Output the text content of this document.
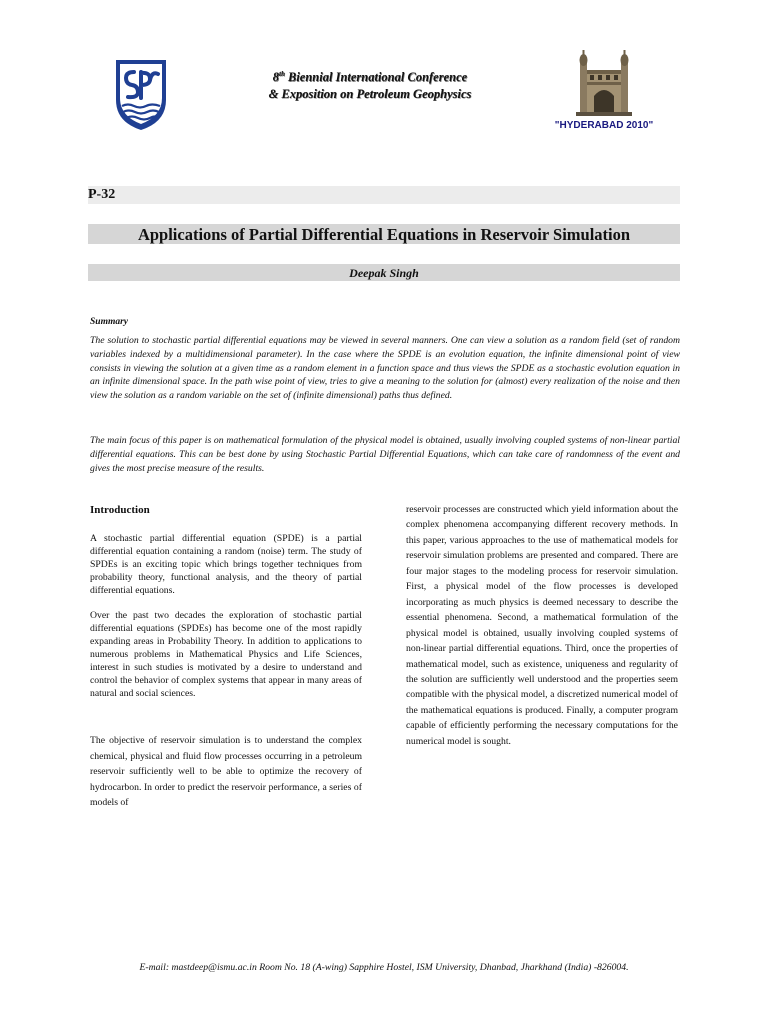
8th Biennial International Conference
& Exposition on Petroleum Geophysics
"HYDERABAD 2010"
P-32
Applications of Partial Differential Equations in Reservoir Simulation
Deepak Singh
Summary

The solution to stochastic partial differential equations may be viewed in several manners. One can view a solution as a random field (set of random variables indexed by a multidimensional parameter). In the case where the SPDE is an evolution equation, the infinite dimensional point of view consists in viewing the solution at a given time as a random element in a function space and thus views the SPDE as a stochastic evolution equation in an infinite dimensional space. In the path wise point of view, tries to give a meaning to the solution for (almost) every realization of the noise and then view the solution as a random variable on the set of (infinite dimensional) paths thus defined.

The main focus of this paper is on mathematical formulation of the physical model is obtained, usually involving coupled systems of non-linear partial differential equations. This can be best done by using Stochastic Partial Differential Equations, which can take care of randomness of the event and gives the most precise measure of the results.

Introduction

A stochastic partial differential equation (SPDE) is a partial differential equation containing a random (noise) term. The study of SPDEs is an exciting topic which brings together techniques from probability theory, functional analysis, and the theory of partial differential equations.

Over the past two decades the exploration of stochastic partial differential equations (SPDEs) has become one of the most rapidly expanding areas in Probability Theory. In addition to applications to numerous problems in Mathematical Physics and Life Sciences, interest in such studies is motivated by a desire to understand and control the behavior of complex systems that appear in many areas of natural and social sciences.

The objective of reservoir simulation is to understand the complex chemical, physical and fluid flow processes occurring in a petroleum reservoir sufficiently well to be able to optimize the recovery of hydrocarbon. In order to predict the reservoir performance, a series of models of

reservoir processes are constructed which yield information about the complex phenomena accompanying different recovery methods. In this paper, various approaches to the use of mathematical models for reservoir simulation problems are presented and compared. There are four major stages to the modeling process for reservoir simulation. First, a physical model of the flow processes is developed incorporating as much physics is deemed necessary to describe the essential phenomena. Second, a mathematical formulation of the physical model is obtained, usually involving coupled systems of non-linear partial differential equations. Third, once the properties of mathematical model, such as existence, uniqueness and regularity of the solution are sufficiently well understood and the properties seem compatible with the physical model, a discretized numerical model of the mathematical equations is produced. Finally, a computer program capable of efficiently performing the necessary computations for the numerical model is sought.

E-mail: mastdeep@ismu.ac.in Room No. 18 (A-wing) Sapphire Hostel, ISM University, Dhanbad, Jharkhand (India) -826004.
